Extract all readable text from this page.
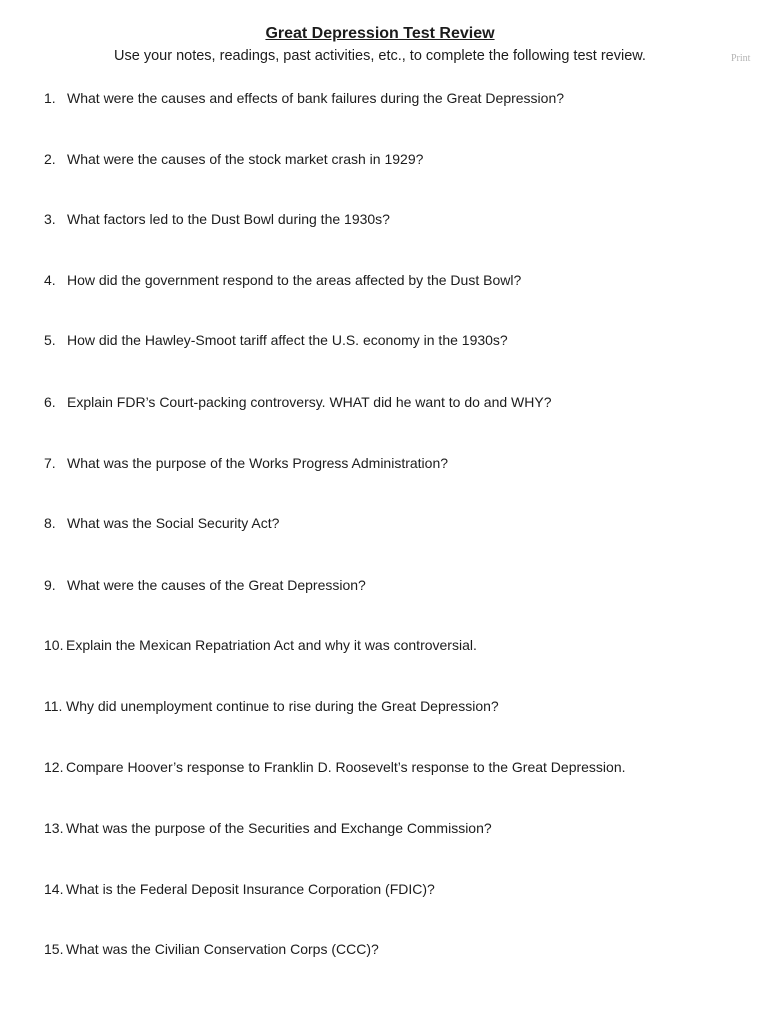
Great Depression Test Review

Use your notes, readings, past activities, etc., to complete the following test review.	Print
1. What were the causes and effects of bank failures during the Great Depression?
2. What were the causes of the stock market crash in 1929?
3. What factors led to the Dust Bowl during the 1930s?
4. How did the government respond to the areas affected by the Dust Bowl?
5. How did the Hawley-Smoot tariff affect the U.S. economy in the 1930s?
6. Explain FDR’s Court-packing controversy. WHAT did he want to do and WHY?
7. What was the purpose of the Works Progress Administration?
8. What was the Social Security Act?
9. What were the causes of the Great Depression?
10. Explain the Mexican Repatriation Act and why it was controversial.
11. Why did unemployment continue to rise during the Great Depression?
12. Compare Hoover’s response to Franklin D. Roosevelt’s response to the Great Depression.
13. What was the purpose of the Securities and Exchange Commission?
14. What is the Federal Deposit Insurance Corporation (FDIC)?
15. What was the Civilian Conservation Corps (CCC)?
